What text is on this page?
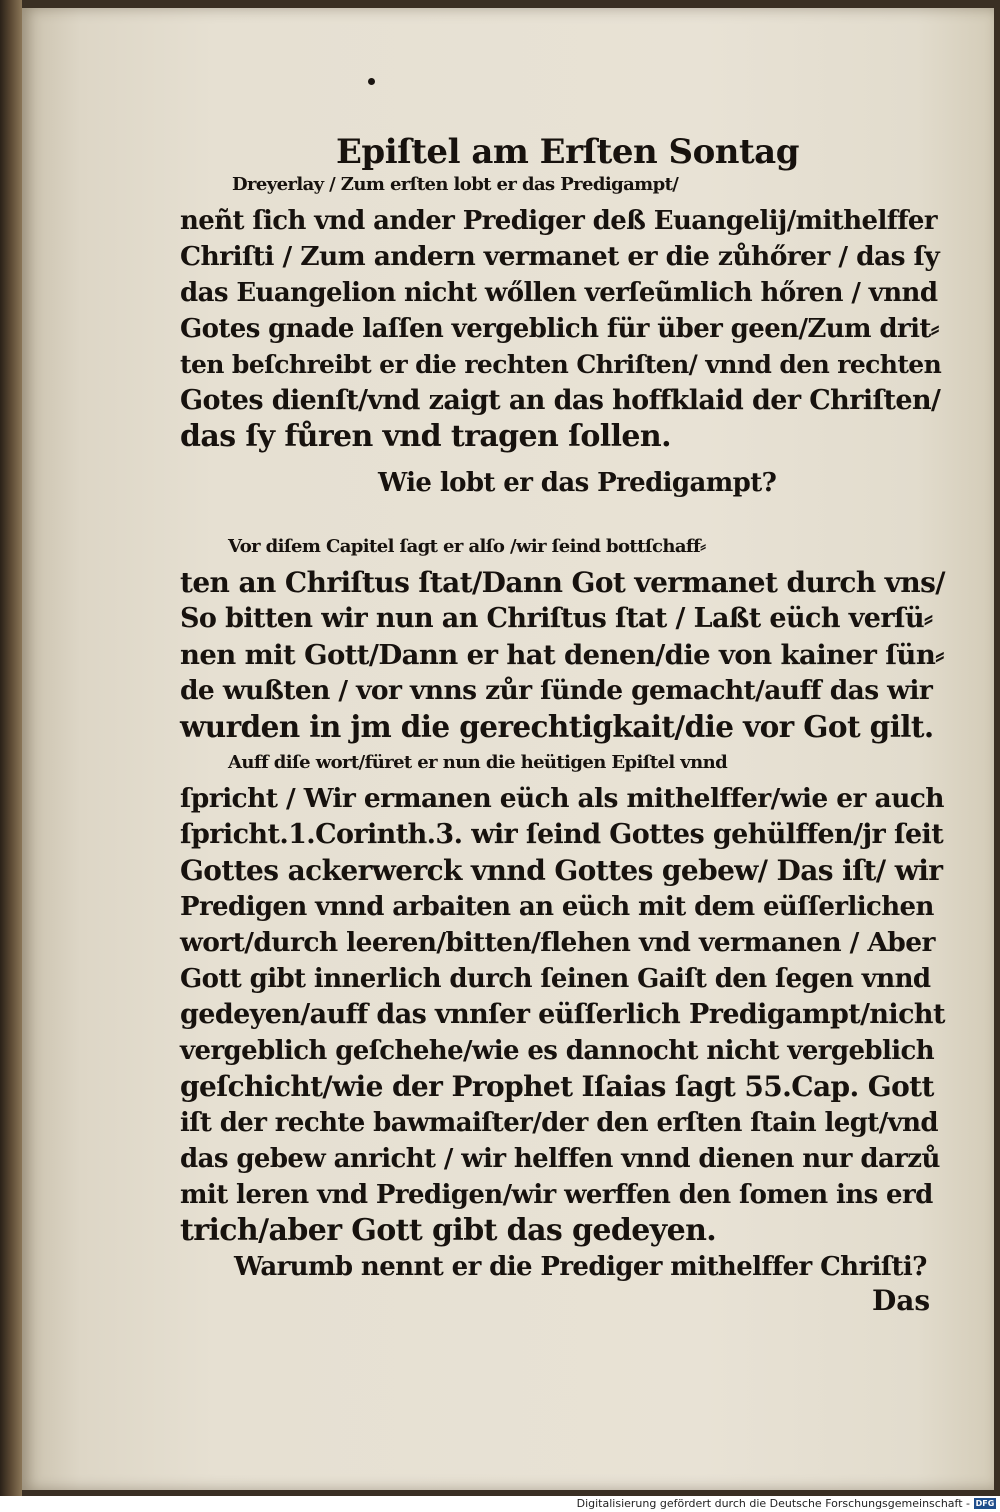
Epiſtel am Erſten Sontag
Dreyerlay / Zum erſten lobt er das Predigampt/
neñt ſich vnd ander Prediger deß Euangelij/mithelffer
Chriſti / Zum andern vermanet er die zůhőrer / das ſy
das Euangelion nicht wőllen verſeũmlich hőren / vnnd
Gotes gnade laſſen vergeblich für über geen/Zum drit⸗
ten beſchreibt er die rechten Chriſten/ vnnd den rechten
Gotes dienſt/vnd zaigt an das hoffklaid der Chriſten/
das ſy fůren vnd tragen ſollen.
Wie lobt er das Predigampt?
Vor diſem Capitel ſagt er alſo /wir ſeind bottſchaff⸗
ten an Chriſtus ſtat/Dann Got vermanet durch vns/
So bitten wir nun an Chriſtus ſtat / Laßt eüch verſü⸗
nen mit Gott/Dann er hat denen/die von kainer ſün⸗
de wußten / vor vnns zůr ſünde gemacht/auff das wir
wurden in jm die gerechtigkait/die vor Got gilt.
Auff diſe wort/füret er nun die heütigen Epiſtel vnnd
ſpricht / Wir ermanen eüch als mithelffer/wie er auch
ſpricht.1.Corinth.3. wir ſeind Gottes gehülffen/jr ſeit
Gottes ackerwerck vnnd Gottes gebew/ Das iſt/ wir
Predigen vnnd arbaiten an eüch mit dem eüſſerlichen
wort/durch leeren/bitten/flehen vnd vermanen / Aber
Gott gibt innerlich durch ſeinen Gaiſt den ſegen vnnd
gedeyen/auff das vnnſer eüſſerlich Predigampt/nicht
vergeblich geſchehe/wie es dannocht nicht vergeblich
geſchicht/wie der Prophet Iſaias ſagt 55.Cap. Gott
iſt der rechte bawmaiſter/der den erſten ſtain legt/vnd
das gebew anricht / wir helffen vnnd dienen nur darzů
mit leren vnd Predigen/wir werffen den ſomen ins erd
trich/aber Gott gibt das gedeyen.
Warumb nennt er die Prediger mithelffer Chriſti?
Das
Digitalisierung gefördert durch die Deutsche Forschungsgemeinschaft - DFG
